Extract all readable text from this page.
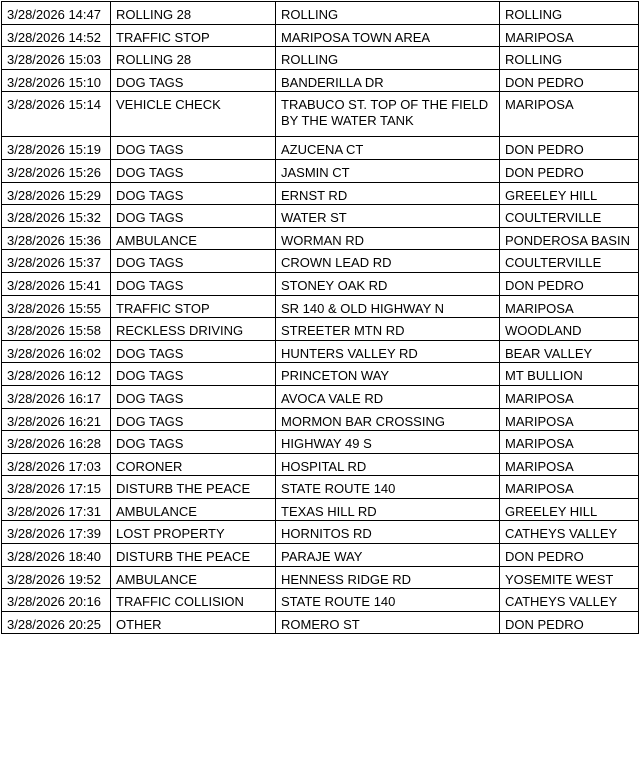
3/28/2026 14:47	ROLLING 28	ROLLING	ROLLING
3/28/2026 14:52	TRAFFIC STOP	MARIPOSA TOWN AREA	MARIPOSA
3/28/2026 15:03	ROLLING 28	ROLLING	ROLLING
3/28/2026 15:10	DOG TAGS	BANDERILLA DR	DON PEDRO
3/28/2026 15:14	VEHICLE CHECK	TRABUCO ST. TOP OF THE FIELD BY THE WATER TANK	MARIPOSA
3/28/2026 15:19	DOG TAGS	AZUCENA CT	DON PEDRO
3/28/2026 15:26	DOG TAGS	JASMIN CT	DON PEDRO
3/28/2026 15:29	DOG TAGS	ERNST RD	GREELEY HILL
3/28/2026 15:32	DOG TAGS	WATER ST	COULTERVILLE
3/28/2026 15:36	AMBULANCE	WORMAN RD	PONDEROSA BASIN
3/28/2026 15:37	DOG TAGS	CROWN LEAD RD	COULTERVILLE
3/28/2026 15:41	DOG TAGS	STONEY OAK RD	DON PEDRO
3/28/2026 15:55	TRAFFIC STOP	SR 140 & OLD HIGHWAY N	MARIPOSA
3/28/2026 15:58	RECKLESS DRIVING	STREETER MTN RD	WOODLAND
3/28/2026 16:02	DOG TAGS	HUNTERS VALLEY RD	BEAR VALLEY
3/28/2026 16:12	DOG TAGS	PRINCETON WAY	MT BULLION
3/28/2026 16:17	DOG TAGS	AVOCA VALE RD	MARIPOSA
3/28/2026 16:21	DOG TAGS	MORMON BAR CROSSING	MARIPOSA
3/28/2026 16:28	DOG TAGS	HIGHWAY 49 S	MARIPOSA
3/28/2026 17:03	CORONER	HOSPITAL RD	MARIPOSA
3/28/2026 17:15	DISTURB THE PEACE	STATE ROUTE 140	MARIPOSA
3/28/2026 17:31	AMBULANCE	TEXAS HILL RD	GREELEY HILL
3/28/2026 17:39	LOST PROPERTY	HORNITOS RD	CATHEYS VALLEY
3/28/2026 18:40	DISTURB THE PEACE	PARAJE WAY	DON PEDRO
3/28/2026 19:52	AMBULANCE	HENNESS RIDGE RD	YOSEMITE WEST
3/28/2026 20:16	TRAFFIC COLLISION	STATE ROUTE 140	CATHEYS VALLEY
3/28/2026 20:25	OTHER	ROMERO ST	DON PEDRO
